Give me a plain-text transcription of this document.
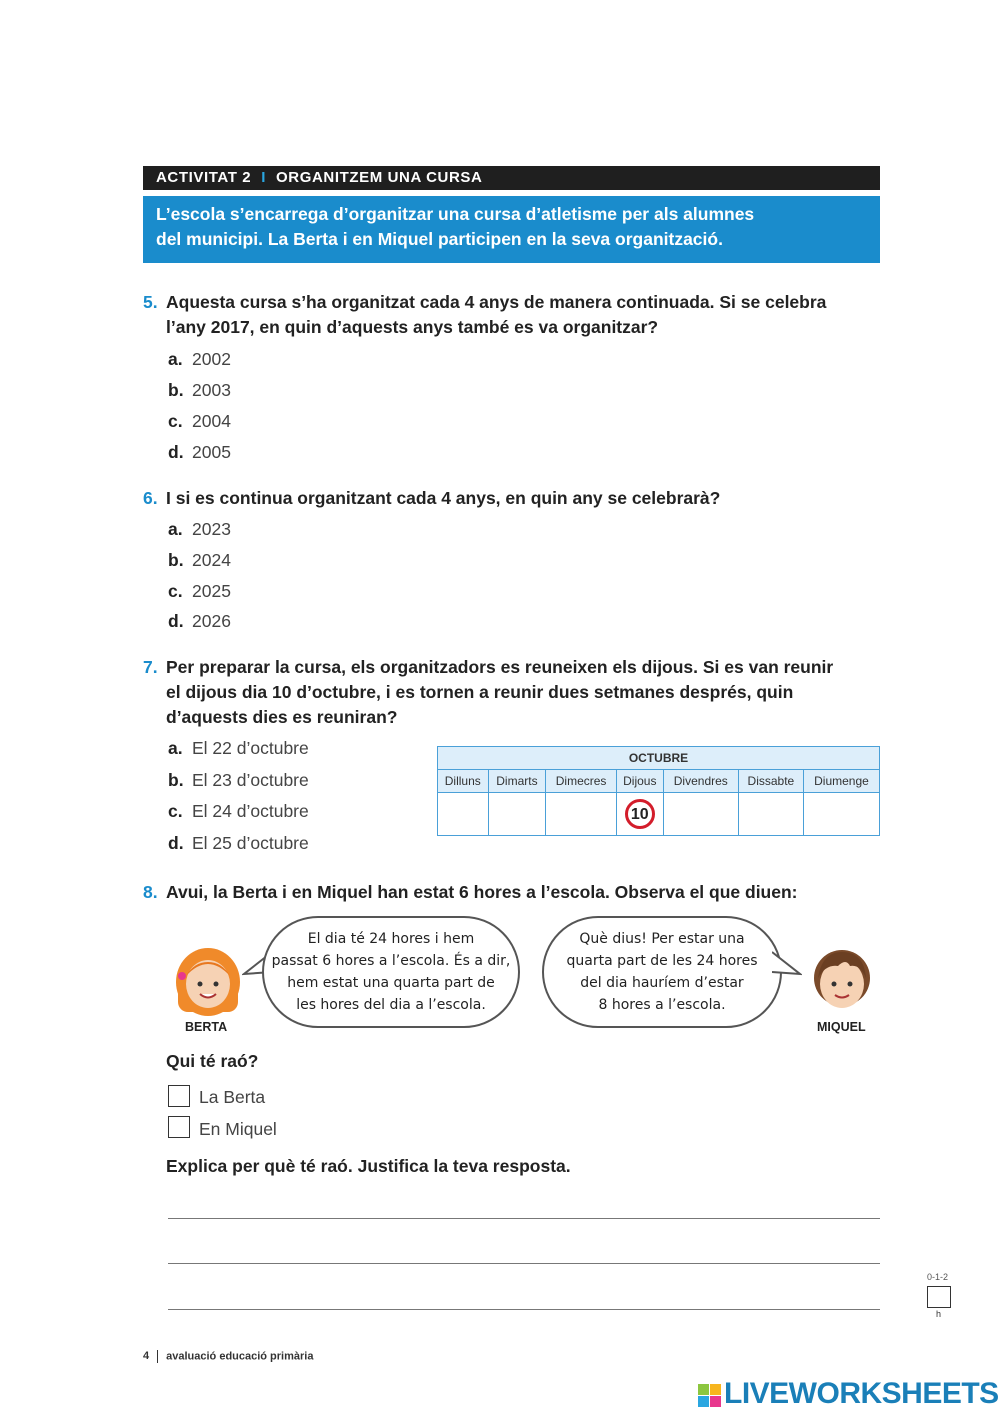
ACTIVITAT 2 I ORGANITZEM UNA CURSA
L’escola s’encarrega d’organitzar una cursa d’atletisme per als alumnes
del municipi. La Berta i en Miquel participen en la seva organització.
5. Aquesta cursa s’ha organitzat cada 4 anys de manera continuada. Si se celebra
l’any 2017, en quin d’aquests anys també es va organitzar?
a. 2002
b. 2003
c. 2004
d. 2005
6. I si es continua organitzant cada 4 anys, en quin any se celebrarà?
a. 2023
b. 2024
c. 2025
d. 2026
7. Per preparar la cursa, els organitzadors es reuneixen els dijous. Si es van reunir
el dijous dia 10 d’octubre, i es tornen a reunir dues setmanes després, quin
d’aquests dies es reuniran?
a. El 22 d’octubre
b. El 23 d’octubre
c. El 24 d’octubre
d. El 25 d’octubre
OCTUBRE						
Dilluns	Dimarts	Dimecres	Dijous	Divendres	Dissabte	Diumenge
			10			
8. Avui, la Berta i en Miquel han estat 6 hores a l’escola. Observa el que diuen:
BERTA
El dia té 24 hores i hem
passat 6 hores a l’escola. És a dir,
hem estat una quarta part de
les hores del dia a l’escola.
Què dius! Per estar una
quarta part de les 24 hores
del dia hauríem d’estar
8 hores a l’escola.
MIQUEL
Qui té raó?
La Berta
En Miquel
Explica per què té raó. Justifica la teva resposta.
0-1-2
h
4 avaluació educació primària
LIVEWORKSHEETS
